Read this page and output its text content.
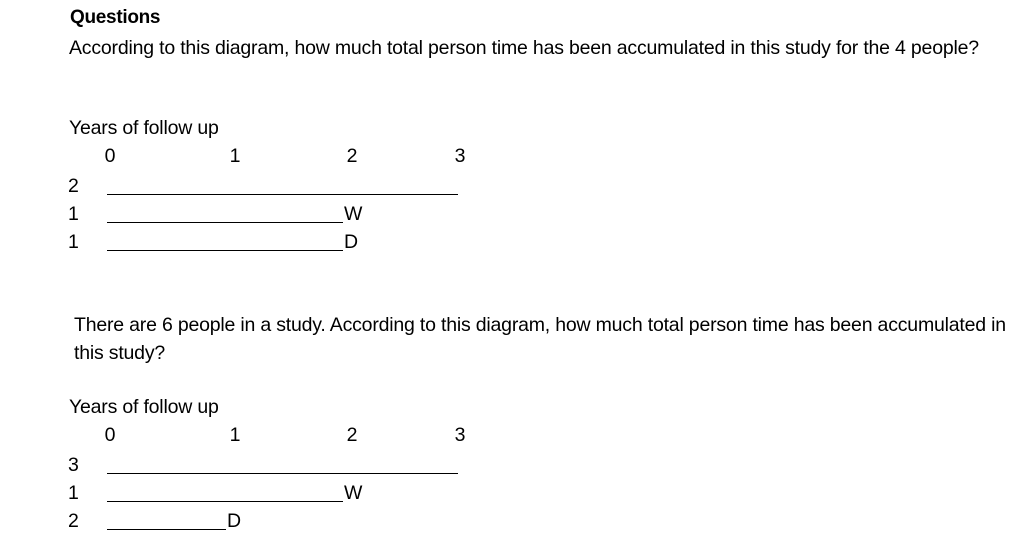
Questions
According to this diagram, how much total person time has been accumulated in this study for the 4 people?
Years of follow up
0	1	2	3
2
1	W
1	D
There are 6 people in a study. According to this diagram, how much total person time has been accumulated in this study?
Years of follow up
0	1	2	3
3
1	W
2	D
